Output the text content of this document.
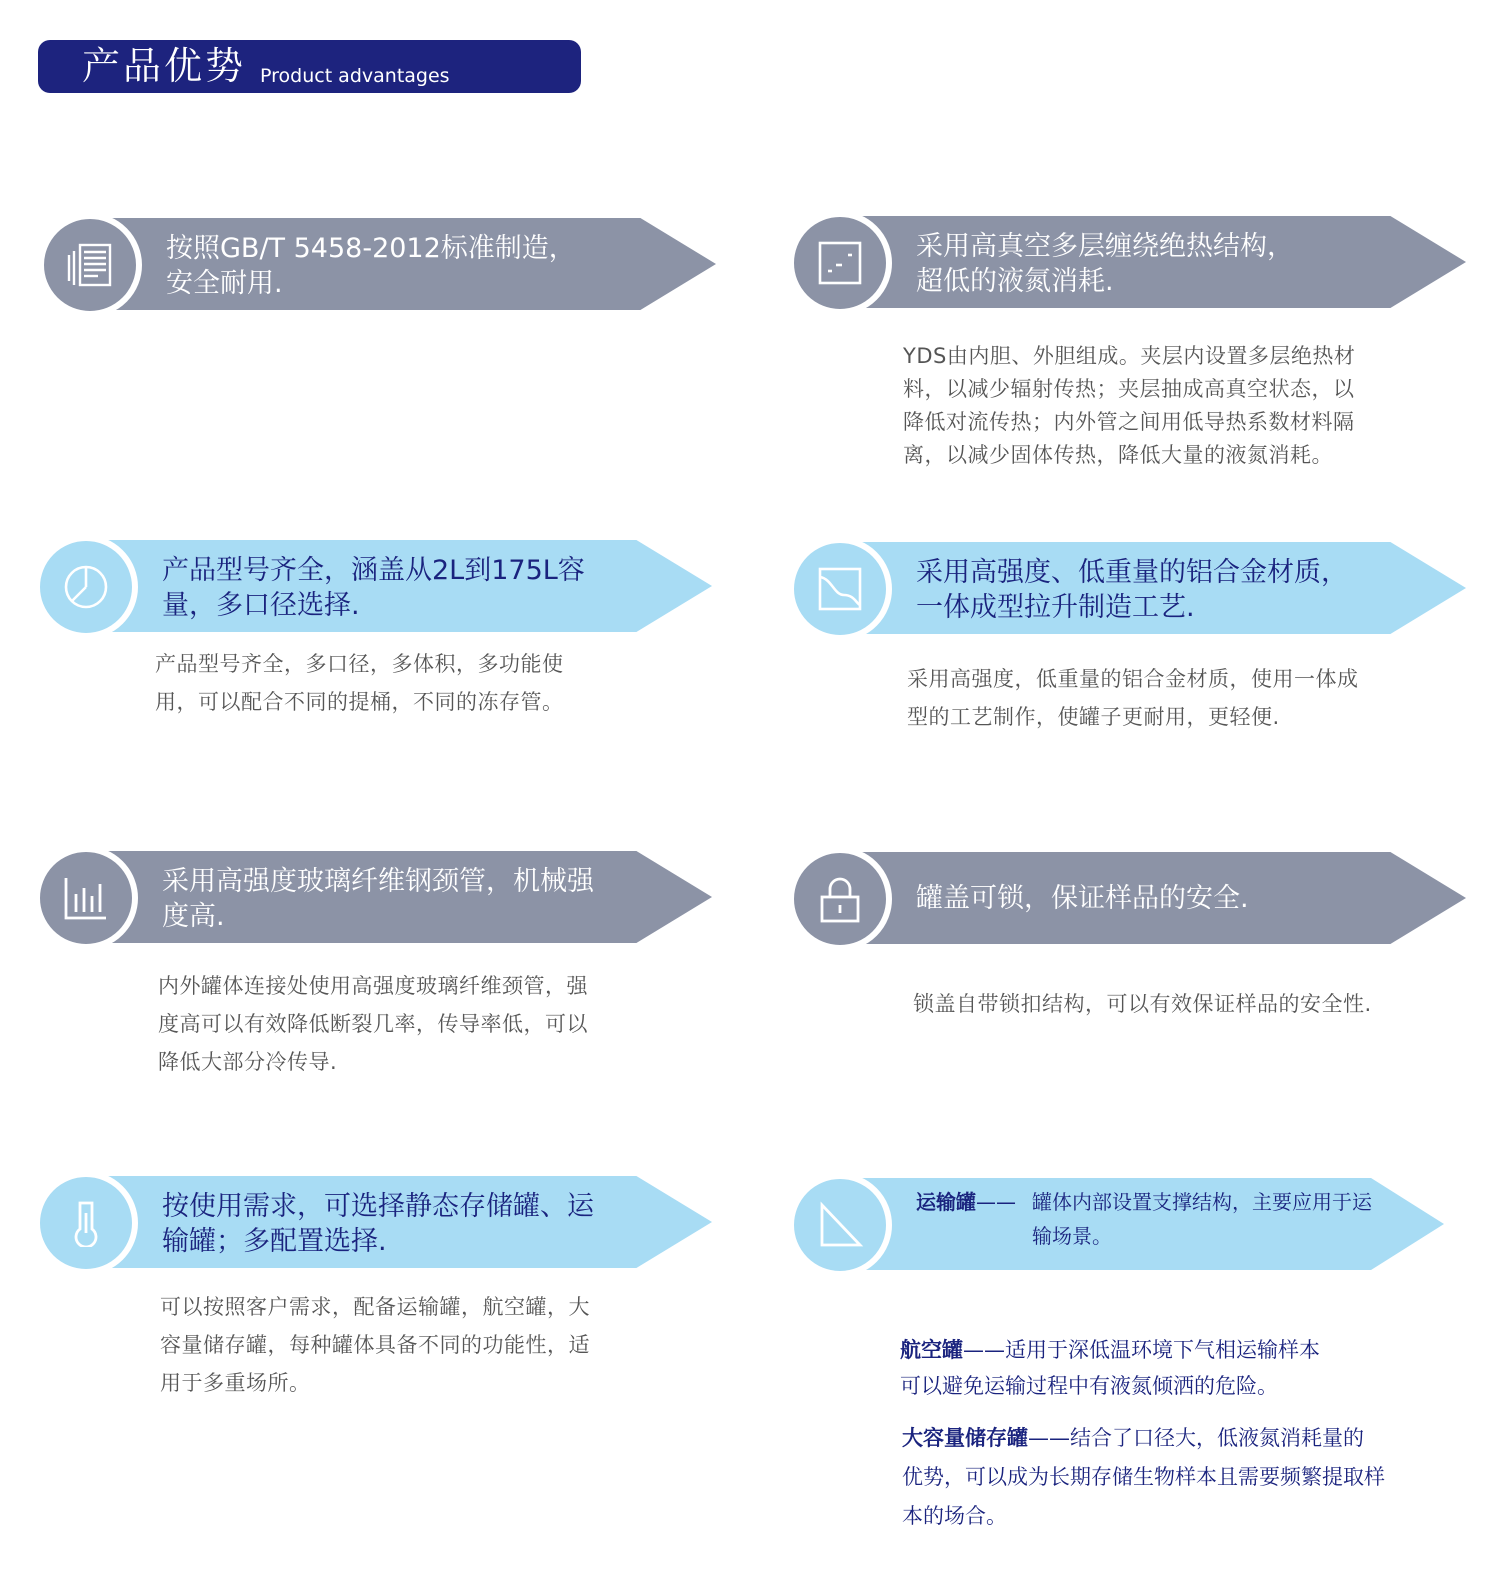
产品优势 Product advantages
按照GB/T 5458-2012标准制造，
安全耐用.
采用高真空多层缠绕绝热结构，
超低的液氮消耗.
YDS由内胆、外胆组成。夹层内设置多层绝热材
料，以减少辐射传热；夹层抽成高真空状态，以
降低对流传热；内外管之间用低导热系数材料隔
离，以减少固体传热，降低大量的液氮消耗。
产品型号齐全，涵盖从2L到175L容
量，多口径选择.
产品型号齐全，多口径，多体积，多功能使
用，可以配合不同的提桶，不同的冻存管。
采用高强度、低重量的铝合金材质，
一体成型拉升制造工艺.
采用高强度，低重量的铝合金材质，使用一体成
型的工艺制作，使罐子更耐用，更轻便.
采用高强度玻璃纤维钢颈管，机械强
度高.
内外罐体连接处使用高强度玻璃纤维颈管，强
度高可以有效降低断裂几率，传导率低，可以
降低大部分冷传导.
罐盖可锁，保证样品的安全.
锁盖自带锁扣结构，可以有效保证样品的安全性.
按使用需求，可选择静态存储罐、运
输罐；多配置选择.
可以按照客户需求，配备运输罐，航空罐，大
容量储存罐，每种罐体具备不同的功能性，适
用于多重场所。
运输罐—— 罐体内部设置支撑结构，主要应用于运
输场景。

航空罐——适用于深低温环境下气相运输样本

可以避免运输过程中有液氮倾洒的危险。

大容量储存罐——结合了口径大，低液氮消耗量的

优势，可以成为长期存储生物样本且需要频繁提取样
本的场合。
